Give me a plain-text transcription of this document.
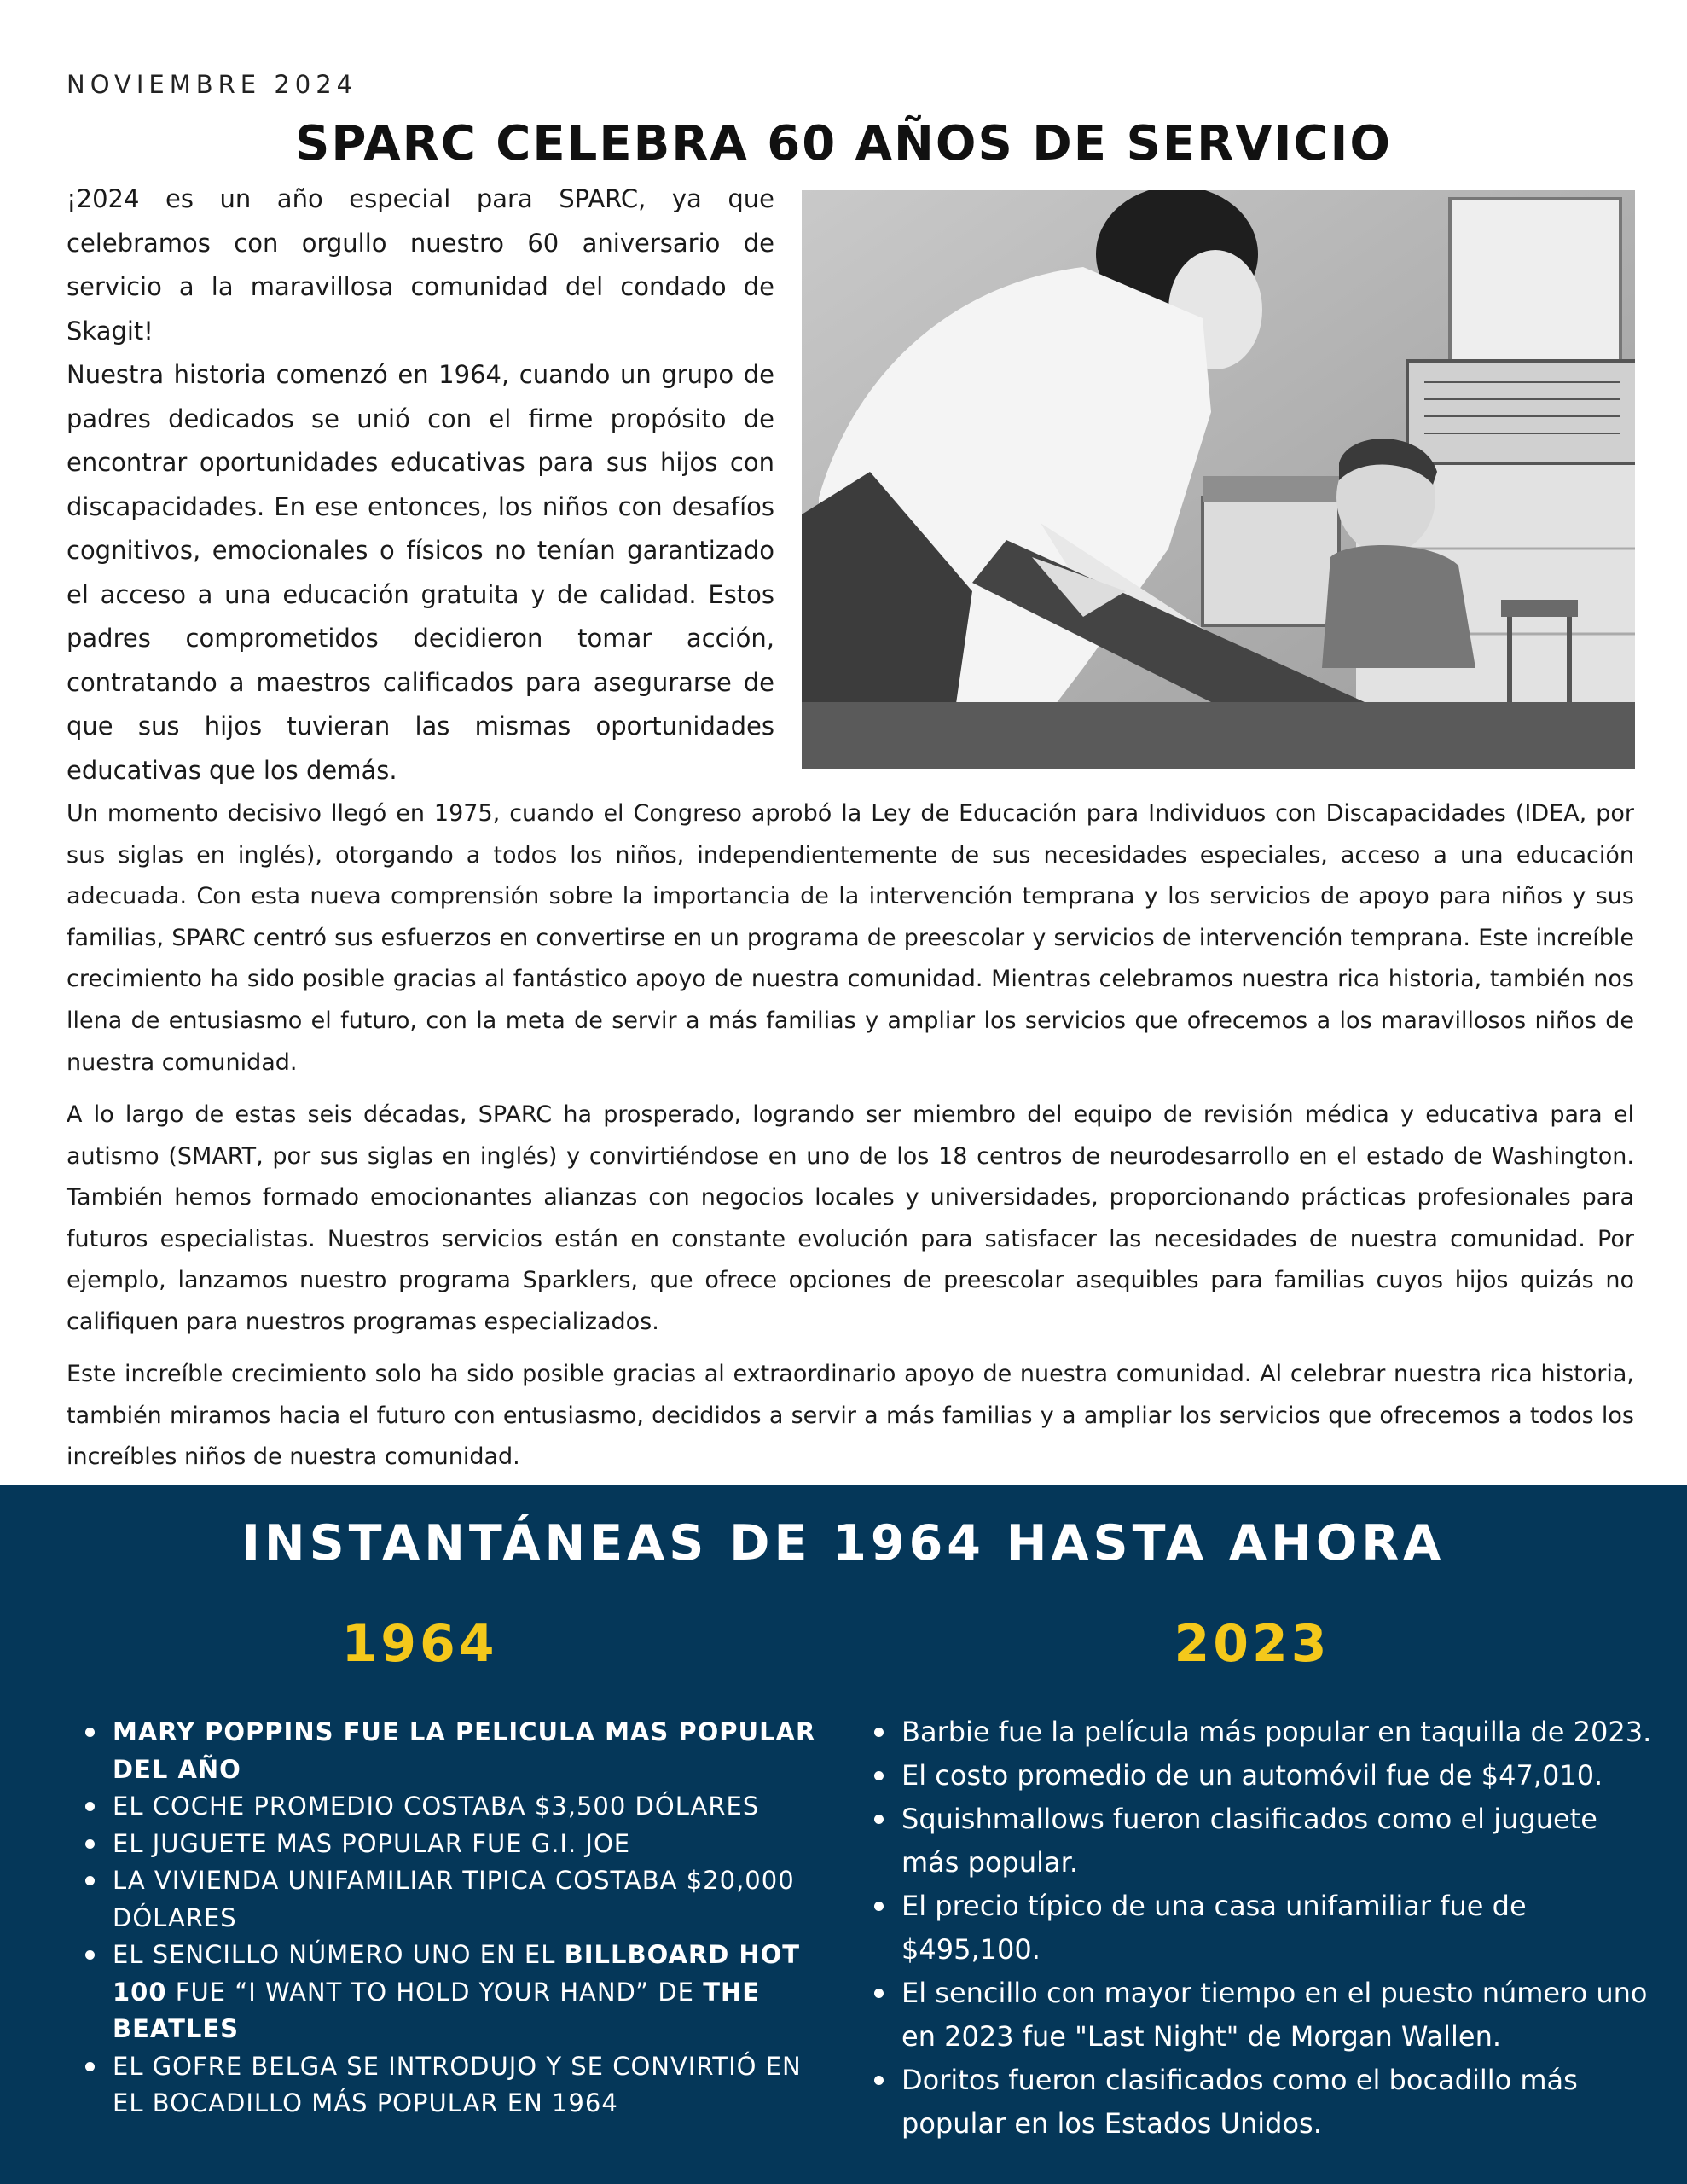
NOVIEMBRE 2024
SPARC CELEBRA 60 AÑOS DE SERVICIO

¡2024 es un año especial para SPARC, ya que celebramos con orgullo nuestro 60 aniversario de servicio a la maravillosa comunidad del condado de Skagit!

Nuestra historia comenzó en 1964, cuando un grupo de padres dedicados se unió con el firme propósito de encontrar oportunidades educativas para sus hijos con discapacidades. En ese entonces, los niños con desafíos cognitivos, emocionales o físicos no tenían garantizado el acceso a una educación gratuita y de calidad. Estos padres comprometidos decidieron tomar acción, contratando a maestros calificados para asegurarse de que sus hijos tuvieran las mismas oportunidades educativas que los demás.

Un momento decisivo llegó en 1975, cuando el Congreso aprobó la Ley de Educación para Individuos con Discapacidades (IDEA, por sus siglas en inglés), otorgando a todos los niños, independientemente de sus necesidades especiales, acceso a una educación adecuada. Con esta nueva comprensión sobre la importancia de la intervención temprana y los servicios de apoyo para niños y sus familias, SPARC centró sus esfuerzos en convertirse en un programa de preescolar y servicios de intervención temprana. Este increíble crecimiento ha sido posible gracias al fantástico apoyo de nuestra comunidad. Mientras celebramos nuestra rica historia, también nos llena de entusiasmo el futuro, con la meta de servir a más familias y ampliar los servicios que ofrecemos a los maravillosos niños de nuestra comunidad.

A lo largo de estas seis décadas, SPARC ha prosperado, logrando ser miembro del equipo de revisión médica y educativa para el autismo (SMART, por sus siglas en inglés) y convirtiéndose en uno de los 18 centros de neurodesarrollo en el estado de Washington. También hemos formado emocionantes alianzas con negocios locales y universidades, proporcionando prácticas profesionales para futuros especialistas. Nuestros servicios están en constante evolución para satisfacer las necesidades de nuestra comunidad. Por ejemplo, lanzamos nuestro programa Sparklers, que ofrece opciones de preescolar asequibles para familias cuyos hijos quizás no califiquen para nuestros programas especializados.

Este increíble crecimiento solo ha sido posible gracias al extraordinario apoyo de nuestra comunidad. Al celebrar nuestra rica historia, también miramos hacia el futuro con entusiasmo, decididos a servir a más familias y a ampliar los servicios que ofrecemos a todos los increíbles niños de nuestra comunidad.

INSTANTÁNEAS DE 1964 HASTA AHORA
1964	2023
MARY POPPINS FUE LA PELICULA MAS POPULAR DEL AÑO
EL COCHE PROMEDIO COSTABA $3,500 DÓLARES
EL JUGUETE MAS POPULAR FUE G.I. JOE
LA VIVIENDA UNIFAMILIAR TIPICA COSTABA $20,000 DÓLARES
EL SENCILLO NÚMERO UNO EN EL BILLBOARD HOT 100 FUE “I WANT TO HOLD YOUR HAND” DE THE BEATLES
EL GOFRE BELGA SE INTRODUJO Y SE CONVIRTIÓ EN EL BOCADILLO MÁS POPULAR EN 1964
Barbie fue la película más popular en taquilla de 2023.
El costo promedio de un automóvil fue de $47,010.
Squishmallows fueron clasificados como el juguete más popular.
El precio típico de una casa unifamiliar fue de $495,100.
El sencillo con mayor tiempo en el puesto número uno en 2023 fue "Last Night" de Morgan Wallen.
Doritos fueron clasificados como el bocadillo más popular en los Estados Unidos.
